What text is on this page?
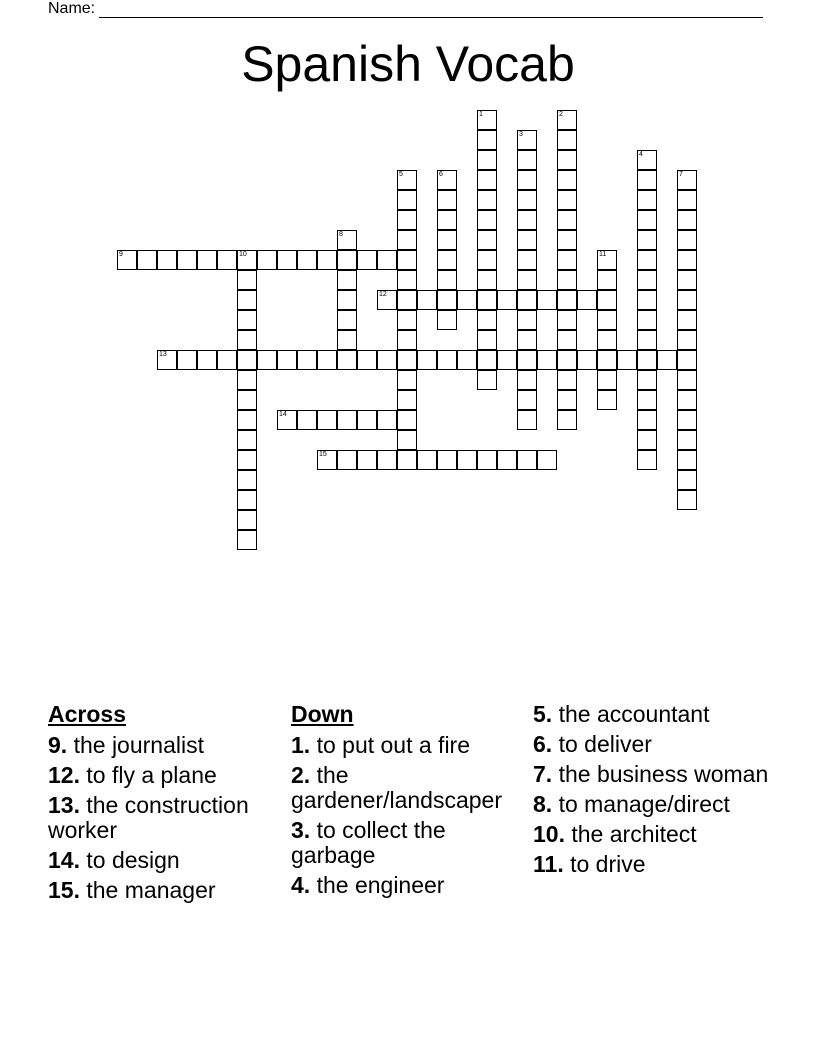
Name:
Spanish Vocab
9	10
12
13
14
15
1	2
3
4
5	6	7
8
11
Across
9. the journalist
12. to fly a plane
13. the construction worker
14. to design
15. the manager
Down
1. to put out a fire
2. the gardener/landscaper
3. to collect the garbage
4. the engineer
5. the accountant
6. to deliver
7. the business woman
8. to manage/direct
10. the architect
11. to drive
